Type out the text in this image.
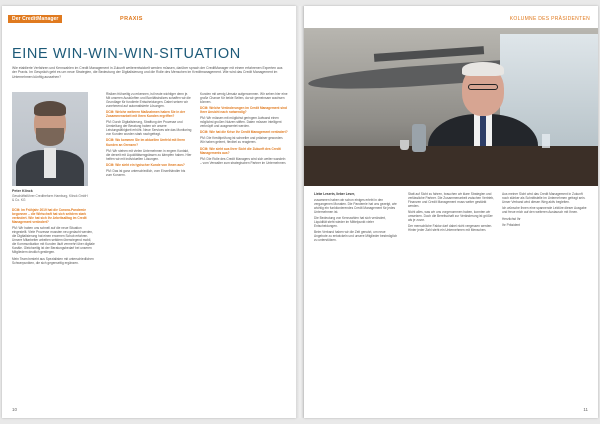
Der CreditManager	PRAXIS
EINE WIN-WIN-WIN-SITUATION
Wie etablierte Verfahren und Kennzahlen im Credit Management in Zukunft weiterentwickelt werden müssen, darüber sprach der CreditManager mit einem erfahrenen Experten aus der Praxis. Im Gespräch geht es um neue Strategien, die Bedeutung der Digitalisierung und die Rolle des Menschen im Kreditmanagement. Wie wird das Credit Management im Unternehmen künftig aussehen?
Peter Klinck
Geschäftsführer Creditreform Hamburg, Klinck GmbH & Co. KG

DCM: Im Frühjahr 2019 hat die Corona-Pandemie begonnen – die Wirtschaft hat sich seitdem stark verändert. Wie hat sich Ihr Arbeitsalltag im Credit Management verändert?

PM: Wir haben uns schnell auf die neue Situation eingestellt. Viele Prozesse mussten neu gedacht werden, die Digitalisierung hat einen enormen Schub erfahren. Unsere Mitarbeiter arbeiten seitdem überwiegend mobil, die Kommunikation mit Kunden läuft vermehrt über digitale Kanäle. Gleichzeitig ist der Beratungsbedarf bei unseren Mitgliedern deutlich gestiegen.

Mein Team besteht aus Spezialisten mit unterschiedlichen Schwerpunkten, die sich gegenseitig ergänzen.

Risiken frühzeitig zu erkennen, ist heute wichtiger denn je. Mit unseren Auskünften und Bonitätsindizes schaffen wir die Grundlage für fundierte Entscheidungen. Dabei setzen wir zunehmend auf automatisierte Lösungen.

DCM: Welche weiteren Maßnahmen haben Sie in der Zusammenarbeit mit Ihren Kunden ergriffen?

PM: Durch Digitalisierung, Straffung der Prozesse und Umstellung der Beratung haben wir unsere Leistungsfähigkeit erhöht. Neue Services wie das Monitoring von Kunden wurden stark nachgefragt.

DCM: Wo kommen Sie im aktuellen Umfeld mit Ihren Kunden an Grenzen?

PM: Wir stehen mit vielen Unternehmen in engem Kontakt, die derzeit mit Liquiditätsengpässen zu kämpfen haben. Hier helfen wir mit individuellen Lösungen.

DCM: Wie sieht ein typischer Kunde von Ihnen aus?

PM: Das ist ganz unterschiedlich, vom Einzelhändler bis zum Konzern.

Kunden mit wenig Umsatz aufgenommen. Wir sehen hier eine große Chance für beide Seiten, da wir gemeinsam wachsen können.

DCM: Welche Veränderungen im Credit Management sind Ihrer Ansicht nach notwendig?

PM: Wir müssen mit möglichst geringem Aufwand einen möglichst großen Nutzen stiften. Daten müssen intelligent verknüpft und ausgewertet werden.

DCM: Wie hat die Krise Ihr Credit Management verändert?

PM: Die Kreditprüfung ist schneller und präziser geworden. Wir haben gelernt, flexibel zu reagieren.

DCM: Wie sieht aus Ihrer Sicht die Zukunft des Credit Managements aus?

PM: Die Rolle des Credit Managers wird sich weiter wandeln – vom Verwalter zum strategischen Partner im Unternehmen.

10
KOLUMNE DES PRÄSIDENTEN

Liebe Leserin, lieber Leser,

zusammen haben wir schon einiges erlebt in den vergangenen Monaten. Die Pandemie hat uns gezeigt, wie wichtig ein funktionierendes Credit Management für jedes Unternehmen ist.

Die Bedeutung von Kennzahlen hat sich verändert, Liquidität steht wieder im Mittelpunkt vieler Entscheidungen.

Beim Verband haben wir die Zeit genutzt, um neue Angebote zu entwickeln und unsere Mitglieder bestmöglich zu unterstützen.

Statt auf Sicht zu fahren, brauchen wir klare Strategien und verlässliche Partner. Die Zusammenarbeit zwischen Vertrieb, Finanzen und Credit Management muss weiter gestärkt werden.

Nicht alles, was wir uns vorgenommen haben, konnten wir umsetzen. Doch die Bereitschaft zur Veränderung ist größer als je zuvor.

Der menschliche Faktor darf dabei nicht vergessen werden. Hinter jeder Zahl steht ein Unternehmen mit Menschen.

Aus meiner Sicht wird das Credit Management in Zukunft noch stärker als Schnittstelle im Unternehmen gefragt sein. Unser Verband wird diesen Weg aktiv begleiten.

Ich wünsche Ihnen eine spannende Lektüre dieser Ausgabe und freue mich auf den weiteren Austausch mit Ihnen.

Herzlichst Ihr

Ihr Präsident

11
